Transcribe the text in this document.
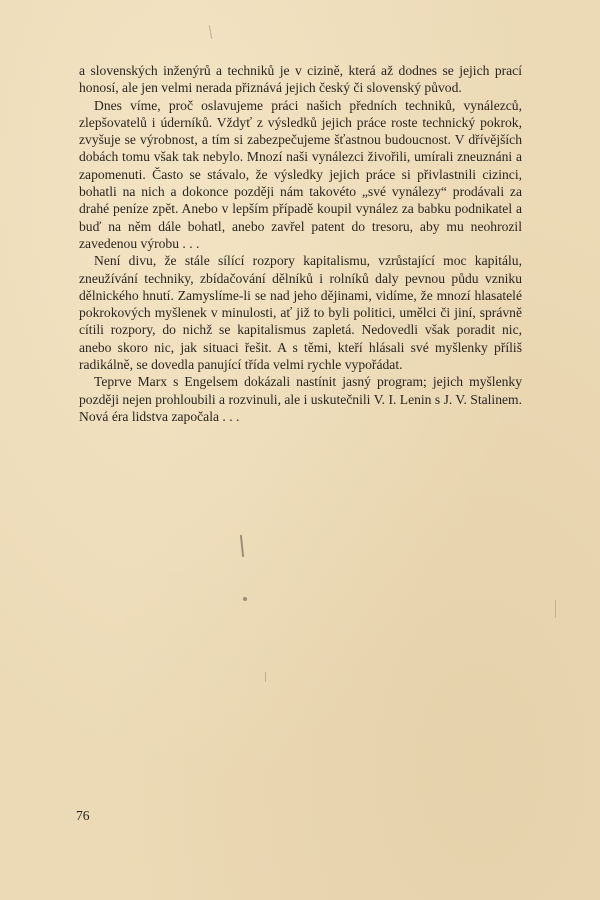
a slovenských inženýrů a techniků je v cizině, která až dodnes se jejich prací honosí, ale jen velmi nerada přiznává jejich český či slovenský původ.

Dnes víme, proč oslavujeme práci našich předních techniků, vynálezců, zlepšovatelů i úderníků. Vždyť z výsledků jejich práce roste technický pokrok, zvyšuje se výrobnost, a tím si zabezpečujeme šťastnou budoucnost. V dřívějších dobách tomu však tak nebylo. Mnozí naši vynálezci živořili, umírali zneuznáni a zapomenuti. Často se stávalo, že výsledky jejich práce si přivlastnili cizinci, bohatli na nich a dokonce později nám takovéto „své vynálezy“ prodávali za drahé peníze zpět. Anebo v lepším případě koupil vynález za babku podnikatel a buď na něm dále bohatl, anebo zavřel patent do tresoru, aby mu neohrozil zavedenou výrobu . . .

Není divu, že stále sílící rozpory kapitalismu, vzrůstající moc kapitálu, zneužívání techniky, zbídačování dělníků i rolníků daly pevnou půdu vzniku dělnického hnutí. Zamyslíme-li se nad jeho dějinami, vidíme, že mnozí hlasatelé pokrokových myšlenek v minulosti, ať již to byli politici, umělci či jiní, správně cítili rozpory, do nichž se kapitalismus zapletá. Nedovedli však poradit nic, anebo skoro nic, jak situaci řešit. A s těmi, kteří hlásali své myšlenky příliš radikálně, se dovedla panující třída velmi rychle vypořádat.

Teprve Marx s Engelsem dokázali nastínit jasný program; jejich myšlenky později nejen prohloubili a rozvinuli, ale i uskutečnili V. I. Lenin s J. V. Stalinem. Nová éra lidstva započala . . .

76
